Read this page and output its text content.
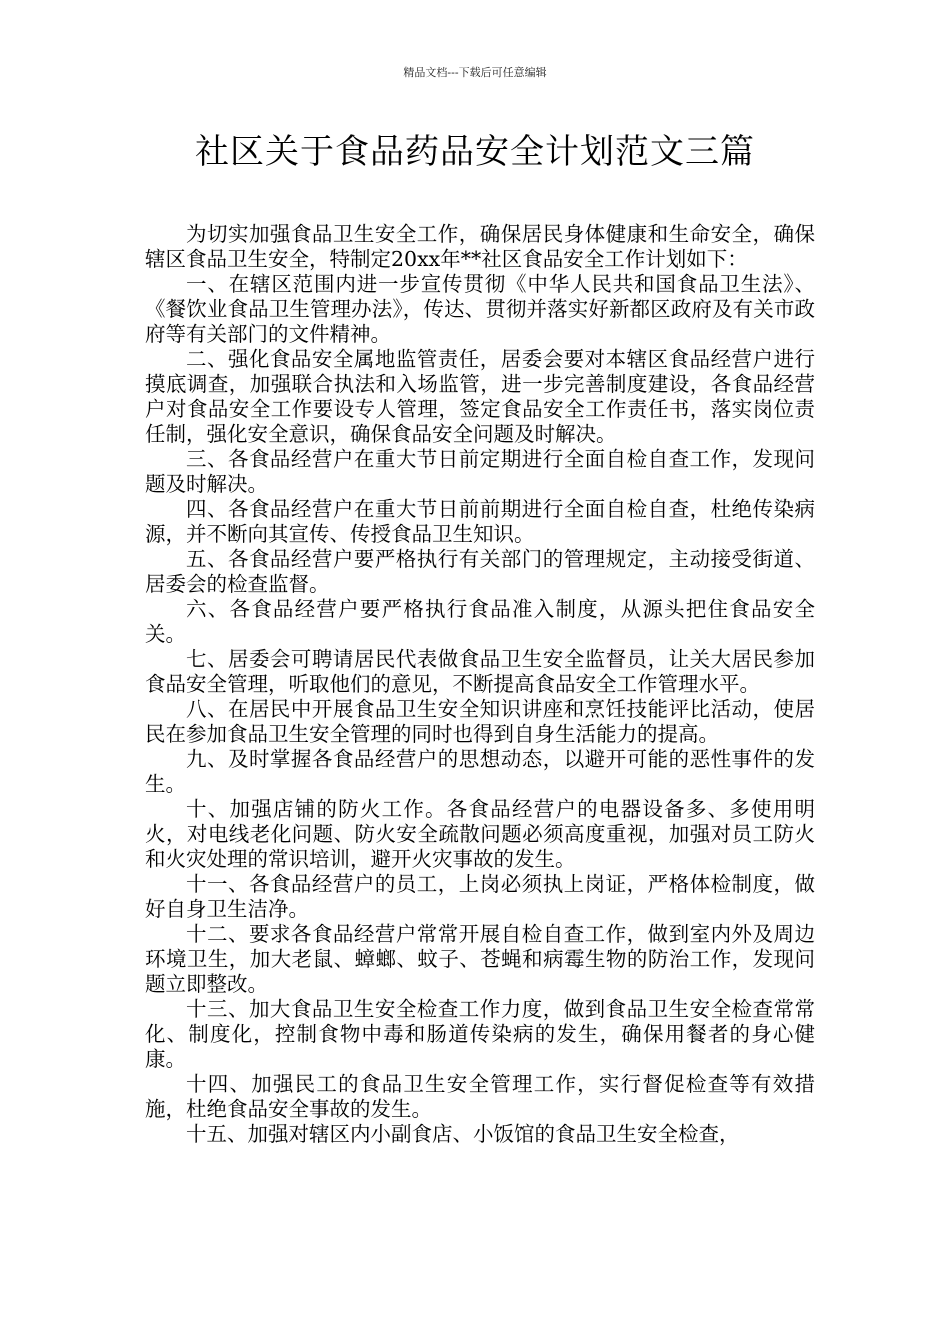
精品文档---下载后可任意编辑
社区关于食品药品安全计划范文三篇

为切实加强食品卫生安全工作，确保居民身体健康和生命安全，确保辖区食品卫生安全，特制定20xx年**社区食品安全工作计划如下：

一、在辖区范围内进一步宣传贯彻《中华人民共和国食品卫生法》、《餐饮业食品卫生管理办法》，传达、贯彻并落实好新都区政府及有关市政府等有关部门的文件精神。

二、强化食品安全属地监管责任，居委会要对本辖区食品经营户进行摸底调查，加强联合执法和入场监管，进一步完善制度建设，各食品经营户对食品安全工作要设专人管理，签定食品安全工作责任书，落实岗位责任制，强化安全意识，确保食品安全问题及时解决。

三、各食品经营户在重大节日前定期进行全面自检自查工作，发现问题及时解决。

四、各食品经营户在重大节日前前期进行全面自检自查，杜绝传染病源，并不断向其宣传、传授食品卫生知识。

五、各食品经营户要严格执行有关部门的管理规定，主动接受街道、居委会的检查监督。

六、各食品经营户要严格执行食品准入制度，从源头把住食品安全关。

七、居委会可聘请居民代表做食品卫生安全监督员，让关大居民参加食品安全管理，听取他们的意见，不断提高食品安全工作管理水平。

八、在居民中开展食品卫生安全知识讲座和烹饪技能评比活动，使居民在参加食品卫生安全管理的同时也得到自身生活能力的提高。

九、及时掌握各食品经营户的思想动态，以避开可能的恶性事件的发生。

十、加强店铺的防火工作。各食品经营户的电器设备多、多使用明火，对电线老化问题、防火安全疏散问题必须高度重视，加强对员工防火和火灾处理的常识培训，避开火灾事故的发生。

十一、各食品经营户的员工，上岗必须执上岗证，严格体检制度，做好自身卫生洁净。

十二、要求各食品经营户常常开展自检自查工作，做到室内外及周边环境卫生，加大老鼠、蟑螂、蚊子、苍蝇和病霉生物的防治工作，发现问题立即整改。

十三、加大食品卫生安全检查工作力度，做到食品卫生安全检查常常化、制度化，控制食物中毒和肠道传染病的发生，确保用餐者的身心健康。

十四、加强民工的食品卫生安全管理工作，实行督促检查等有效措施，杜绝食品安全事故的发生。

十五、加强对辖区内小副食店、小饭馆的食品卫生安全检查，
